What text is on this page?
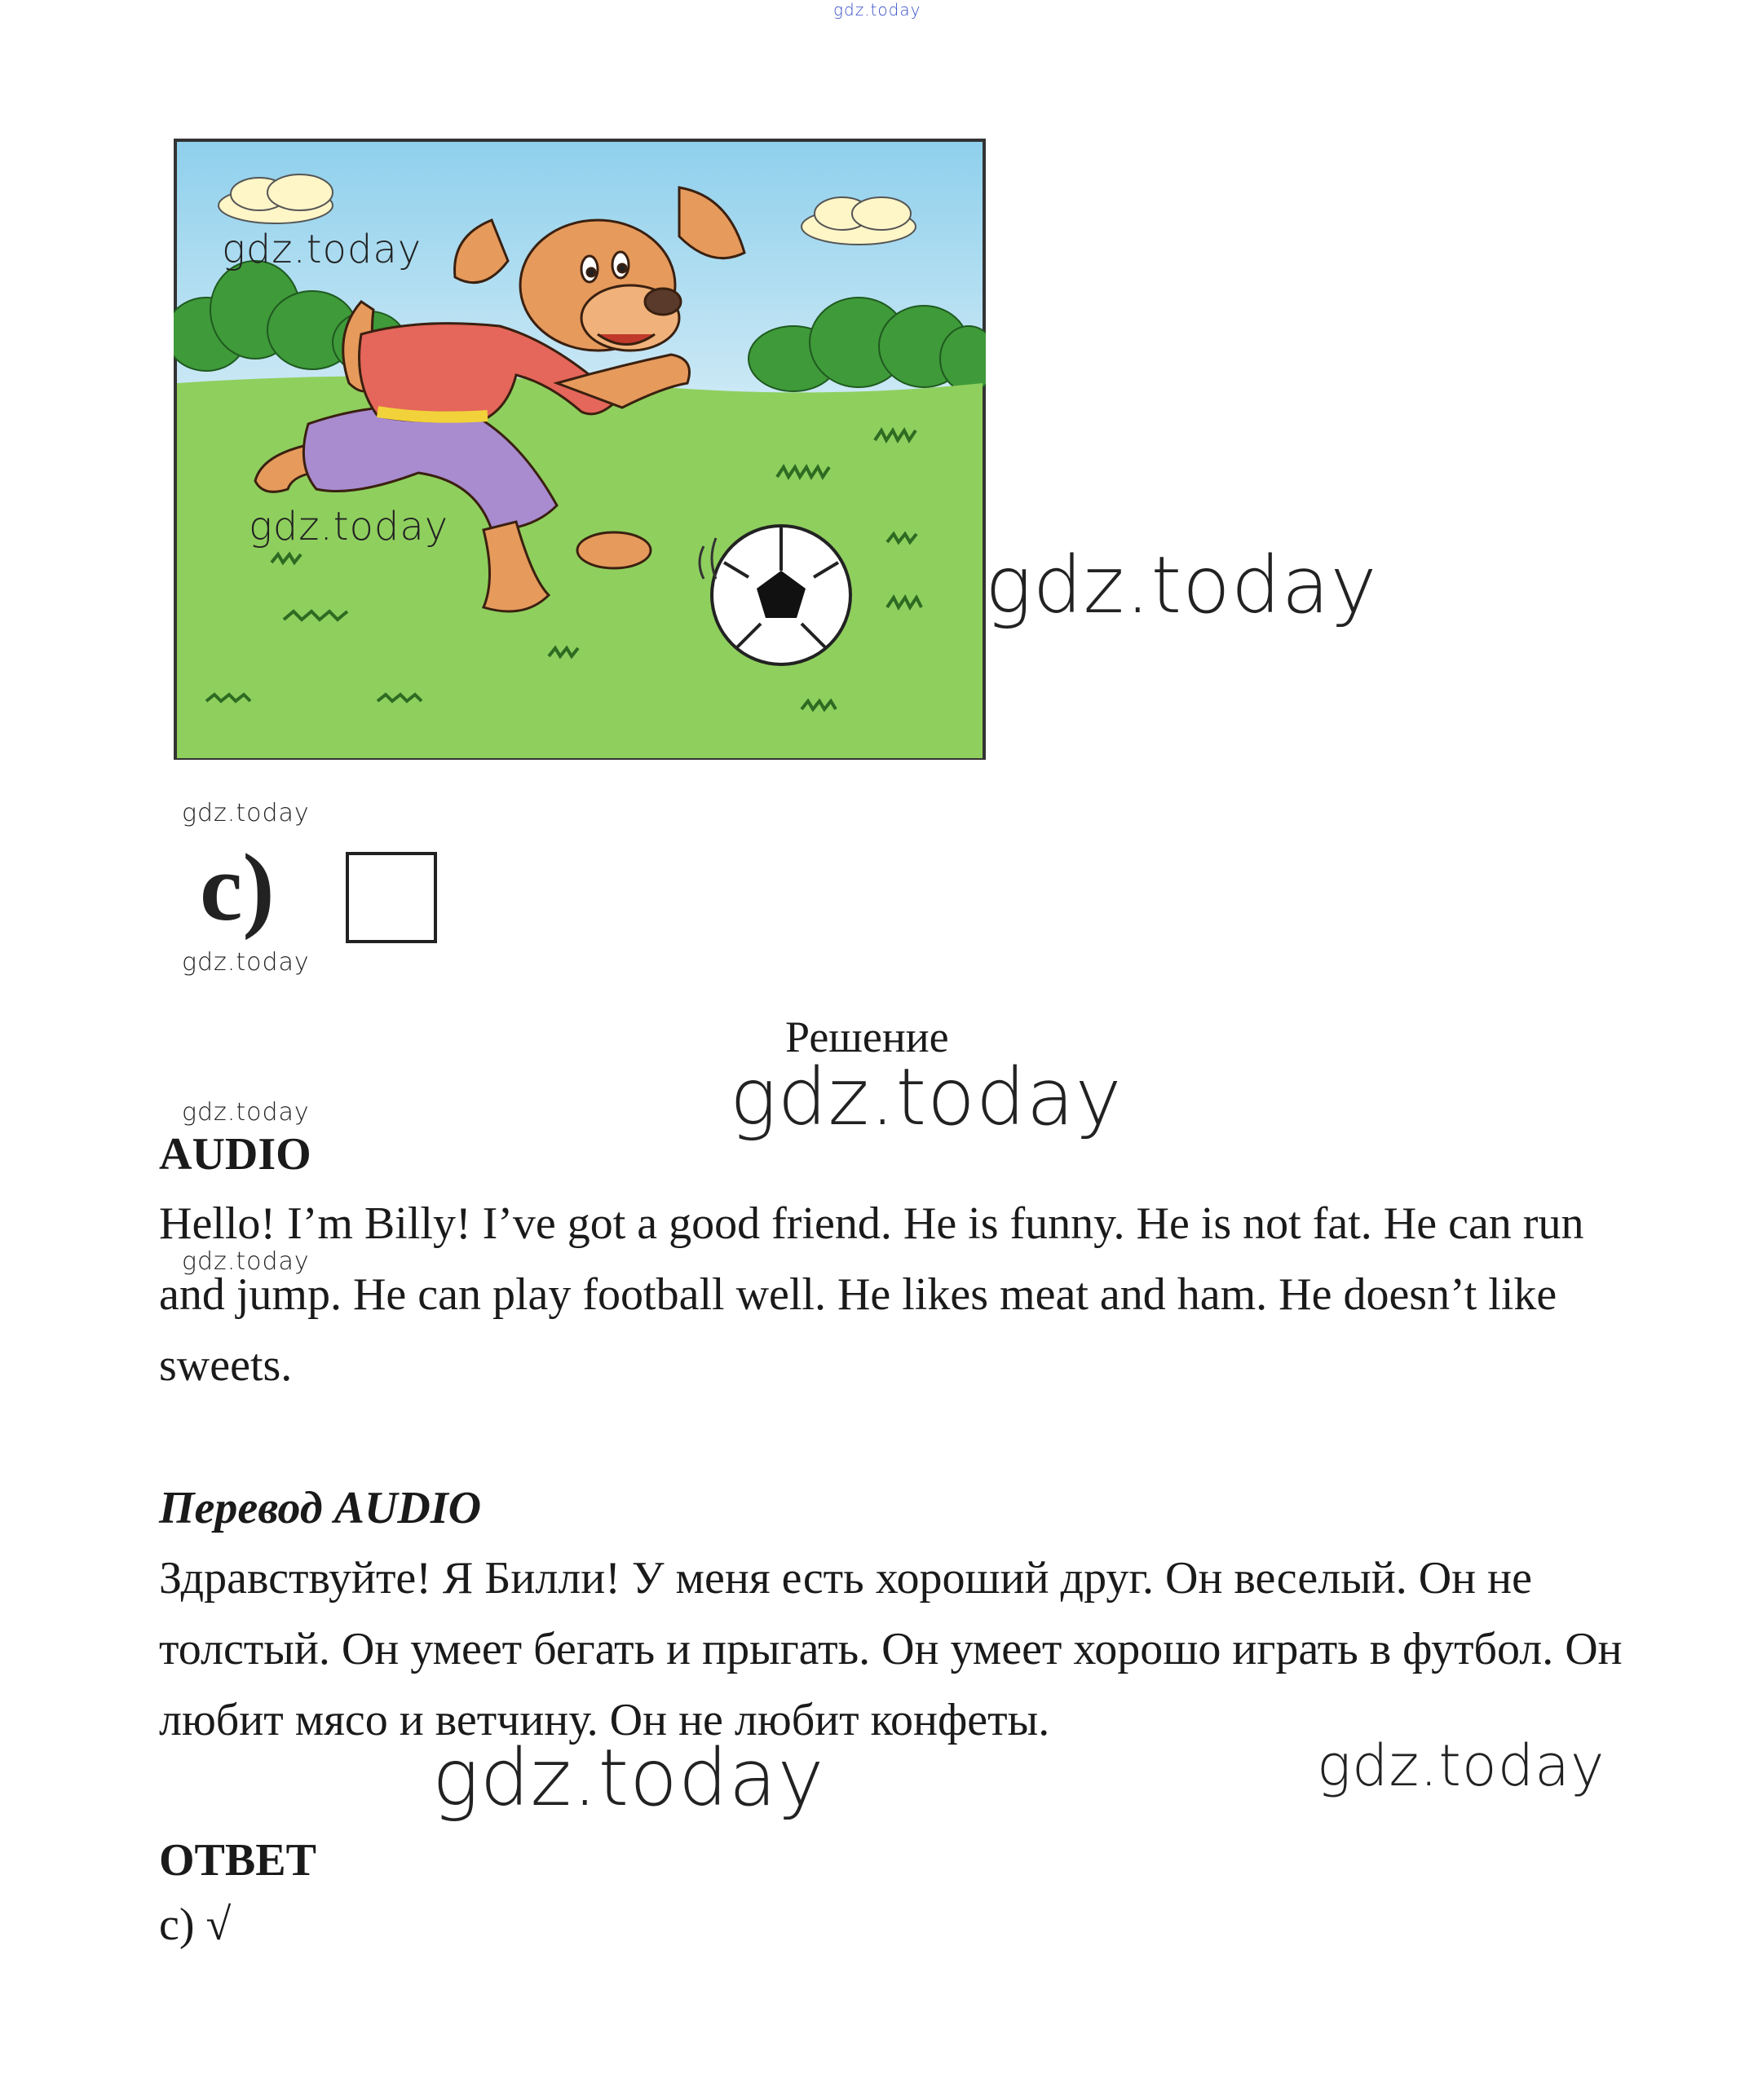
gdz.today
gdz.today
gdz.today
gdz.today
gdz.today
gdz.today
gdz.today
gdz.today
gdz.today
gdz.today	gdz.today
c)
Решение
AUDIO
Hello! I’m Billy! I’ve got a good friend. He is funny. He is not fat. He can run and jump. He can play football well. He likes meat and ham. He doesn’t like sweets.
Перевод AUDIO
Здравствуйте! Я Билли! У меня есть хороший друг. Он веселый. Он не толстый. Он умеет бегать и прыгать. Он умеет хорошо играть в футбол. Он любит мясо и ветчину. Он не любит конфеты.
ОТВЕТ
c) √
